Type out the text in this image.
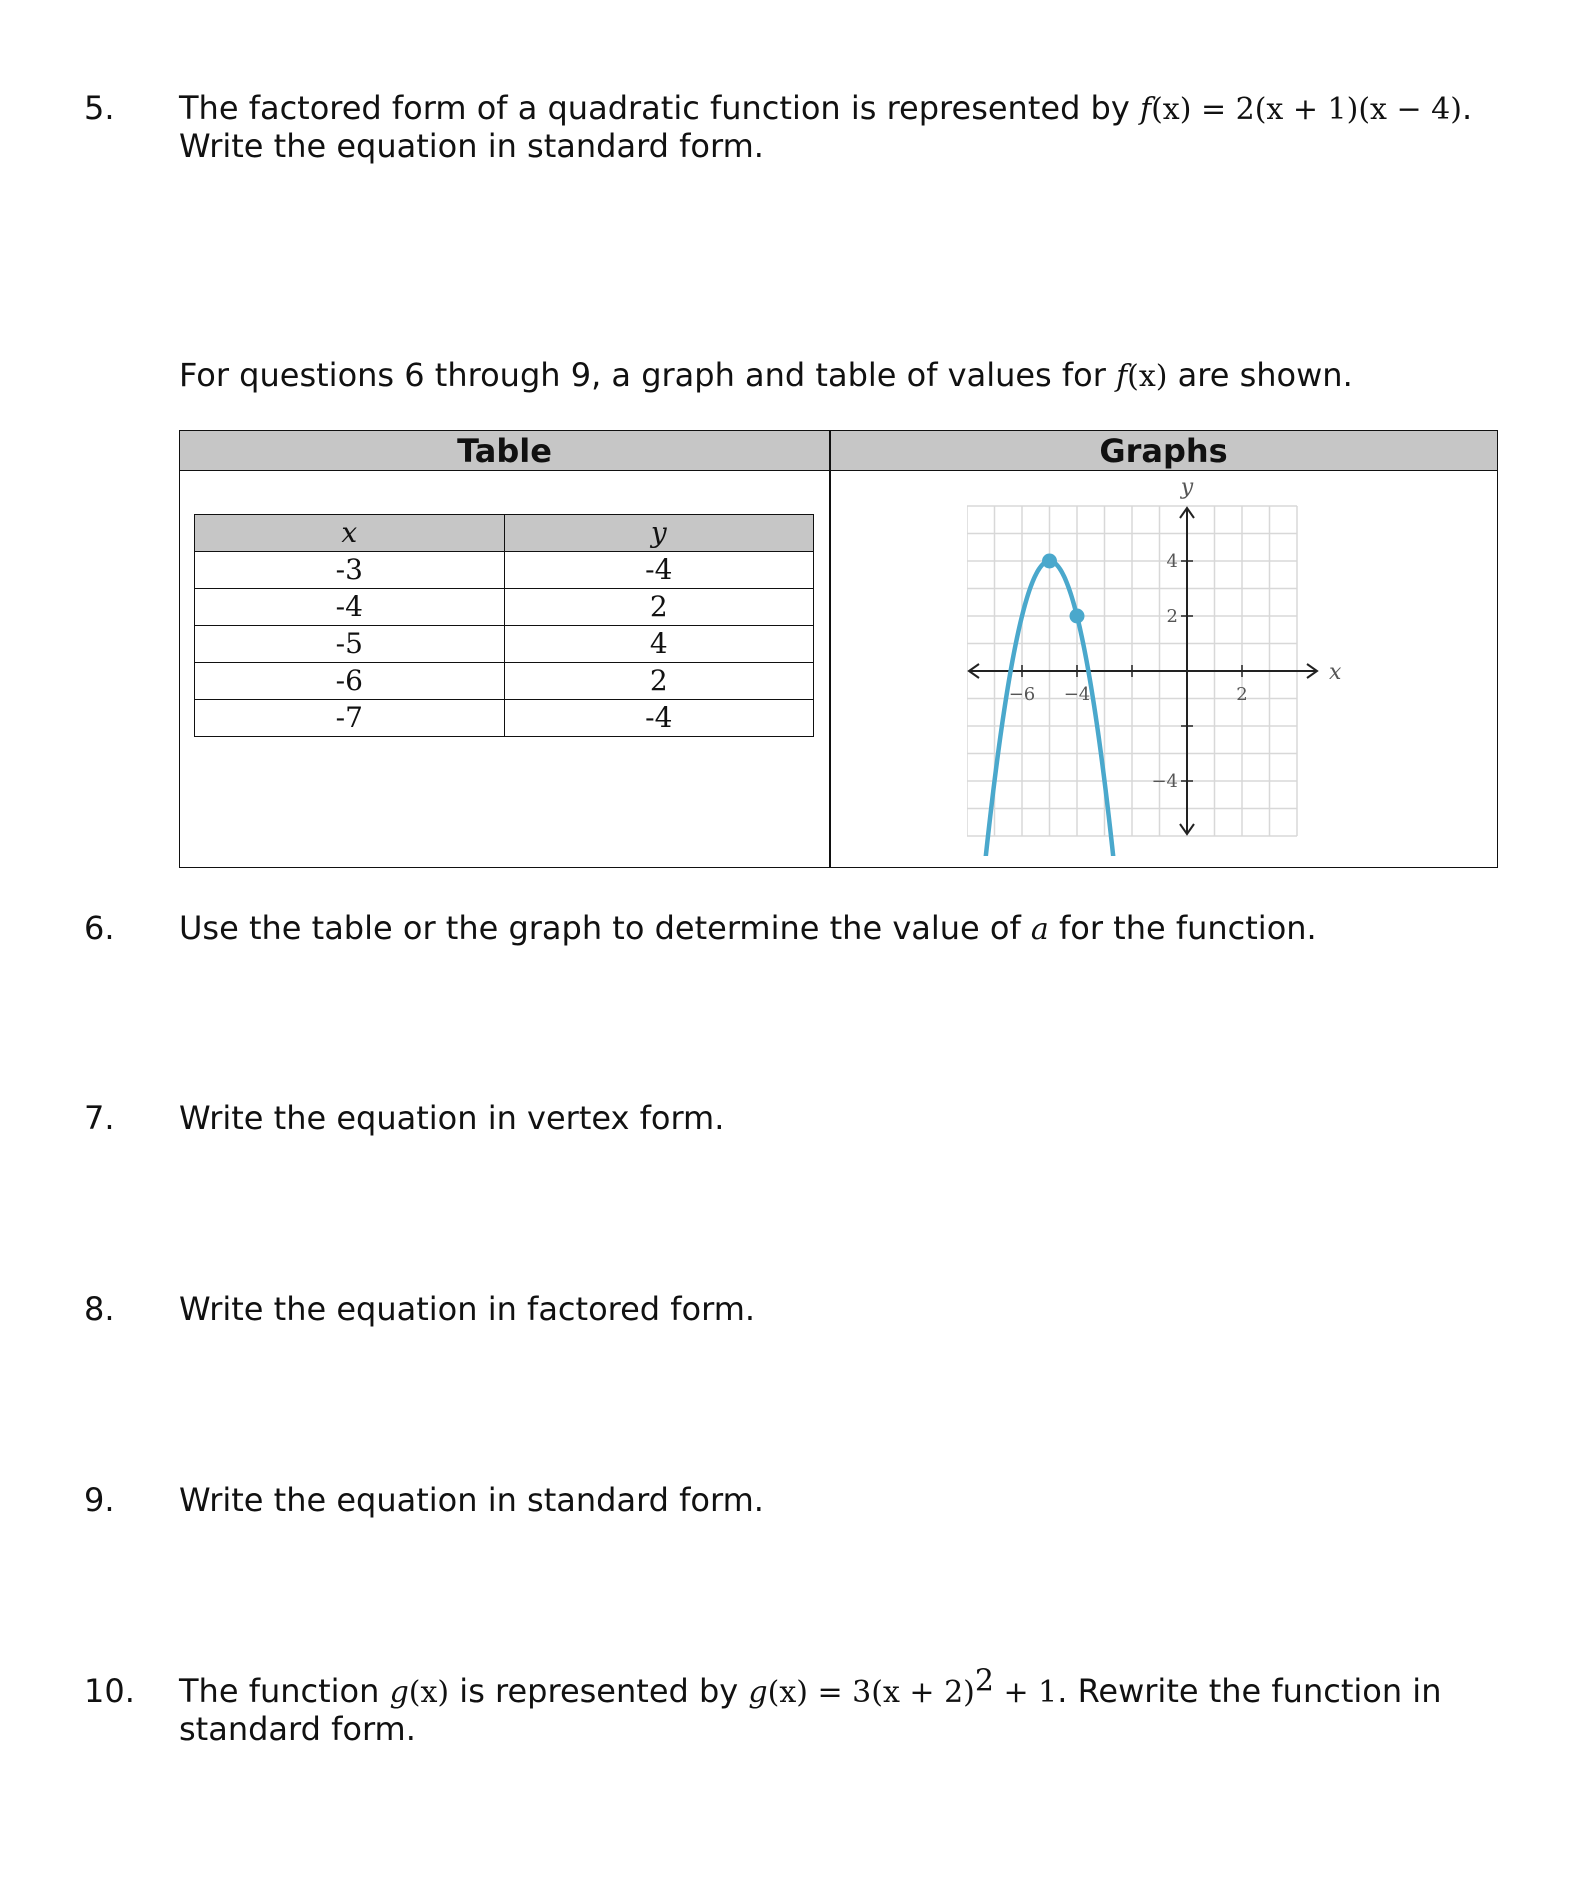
5. The factored form of a quadratic function is represented by f(x) = 2(x + 1)(x − 4).
Write the equation in standard form.
For questions 6 through 9, a graph and table of values for f(x) are shown.
Table	Graphs
x	y
-3	-4
-4	2
-5	4
-6	2
-7	-4
−6 −4	2
4
2
−4
x
y
6. Use the table or the graph to determine the value of a for the function.
7. Write the equation in vertex form.
8. Write the equation in factored form.
9. Write the equation in standard form.
10. The function g(x) is represented by $g(x) = 3(x + 2)^2 + 1$. Rewrite the function in
standard form.
